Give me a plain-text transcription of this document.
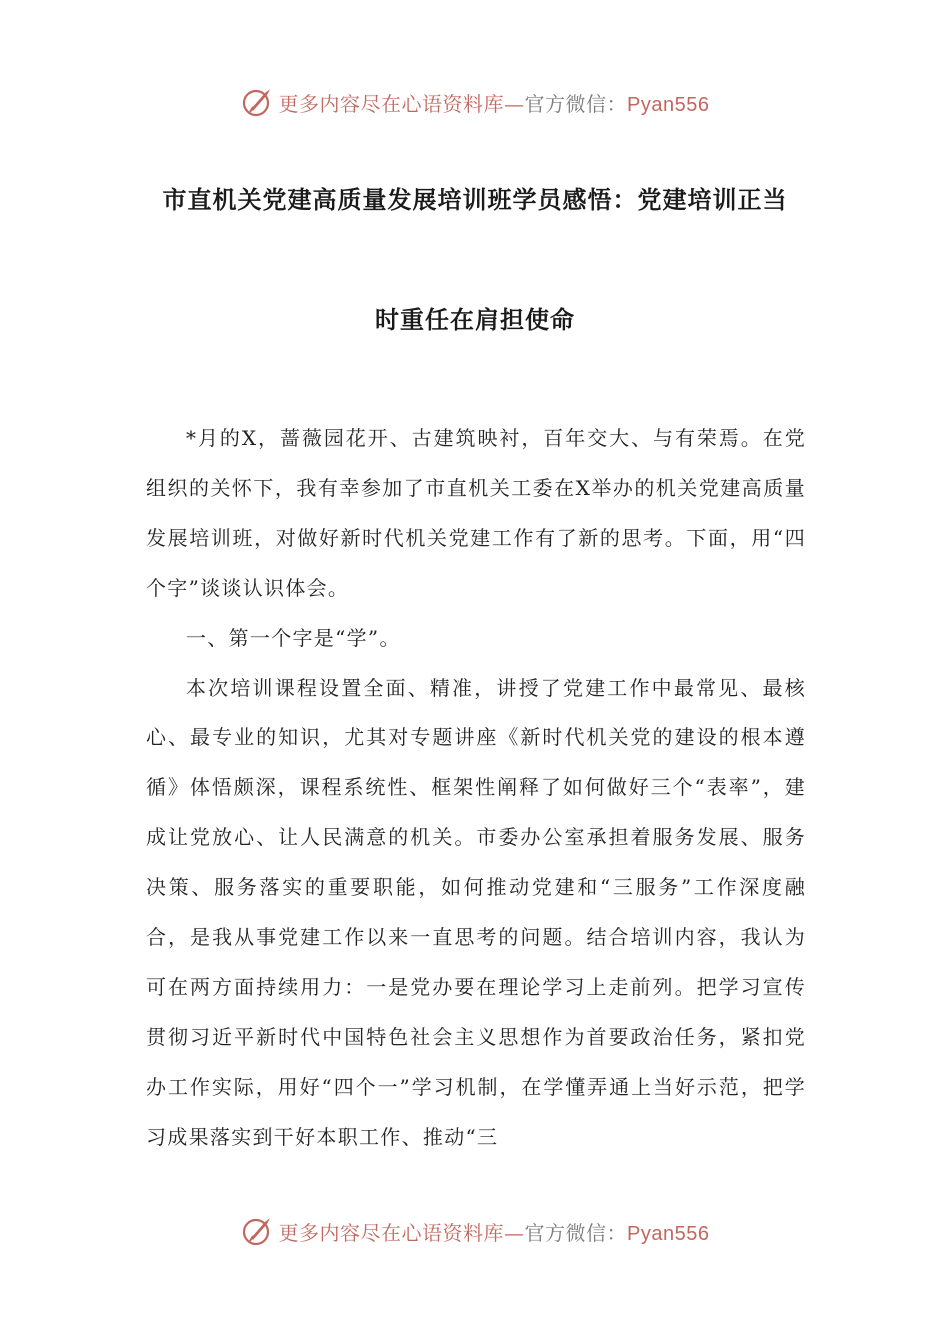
更多内容尽在心语资料库—官方微信：Pyan556
市直机关党建高质量发展培训班学员感悟：党建培训正当
时重任在肩担使命

*月的X，蔷薇园花开、古建筑映衬，百年交大、与有荣焉。在党组织的关怀下，我有幸参加了市直机关工委在X举办的机关党建高质量发展培训班，对做好新时代机关党建工作有了新的思考。下面，用“四个字”谈谈认识体会。

一、第一个字是“学”。

本次培训课程设置全面、精准，讲授了党建工作中最常见、最核心、最专业的知识，尤其对专题讲座《新时代机关党的建设的根本遵循》体悟颇深，课程系统性、框架性阐释了如何做好三个“表率”，建成让党放心、让人民满意的机关。市委办公室承担着服务发展、服务决策、服务落实的重要职能，如何推动党建和“三服务”工作深度融合，是我从事党建工作以来一直思考的问题。结合培训内容，我认为可在两方面持续用力：一是党办要在理论学习上走前列。把学习宣传贯彻习近平新时代中国特色社会主义思想作为首要政治任务，紧扣党办工作实际，用好“四个一”学习机制，在学懂弄通上当好示范，把学习成果落实到干好本职工作、推动“三

更多内容尽在心语资料库—官方微信：Pyan556
